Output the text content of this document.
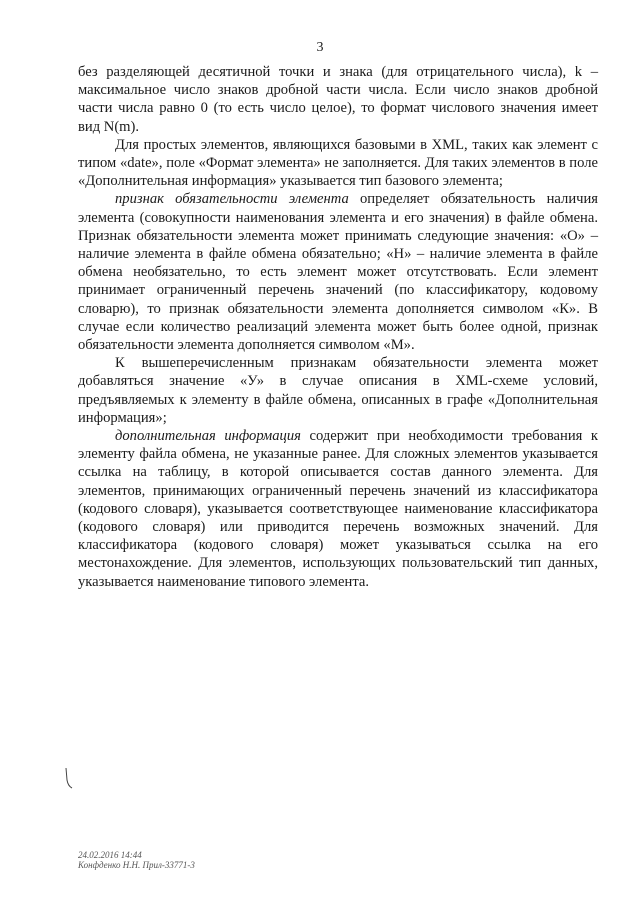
3

без разделяющей десятичной точки и знака (для отрицательного числа), k – максимальное число знаков дробной части числа. Если число знаков дробной части числа равно 0 (то есть число целое), то формат числового значения имеет вид N(m).

Для простых элементов, являющихся базовыми в XML, таких как элемент с типом «date», поле «Формат элемента» не заполняется. Для таких элементов в поле «Дополнительная информация» указывается тип базового элемента;

признак обязательности элемента определяет обязательность наличия элемента (совокупности наименования элемента и его значения) в файле обмена. Признак обязательности элемента может принимать следующие значения: «О» – наличие элемента в файле обмена обязательно; «Н» – наличие элемента в файле обмена необязательно, то есть элемент может отсутствовать. Если элемент принимает ограниченный перечень значений (по классификатору, кодовому словарю), то признак обязательности элемента дополняется символом «К». В случае если количество реализаций элемента может быть более одной, признак обязательности элемента дополняется символом «М».

К вышеперечисленным признакам обязательности элемента может добавляться значение «У» в случае описания в XML-схеме условий, предъявляемых к элементу в файле обмена, описанных в графе «Дополнительная информация»;

дополнительная информация содержит при необходимости требования к элементу файла обмена, не указанные ранее. Для сложных элементов указывается ссылка на таблицу, в которой описывается состав данного элемента. Для элементов, принимающих ограниченный перечень значений из классификатора (кодового словаря), указывается соответствующее наименование классификатора (кодового словаря) или приводится перечень возможных значений. Для классификатора (кодового словаря) может указываться ссылка на его местонахождение. Для элементов, использующих пользовательский тип данных, указывается наименование типового элемента.

24.02.2016 14:44
Конфденко Н.Н. Прил-33771-3
